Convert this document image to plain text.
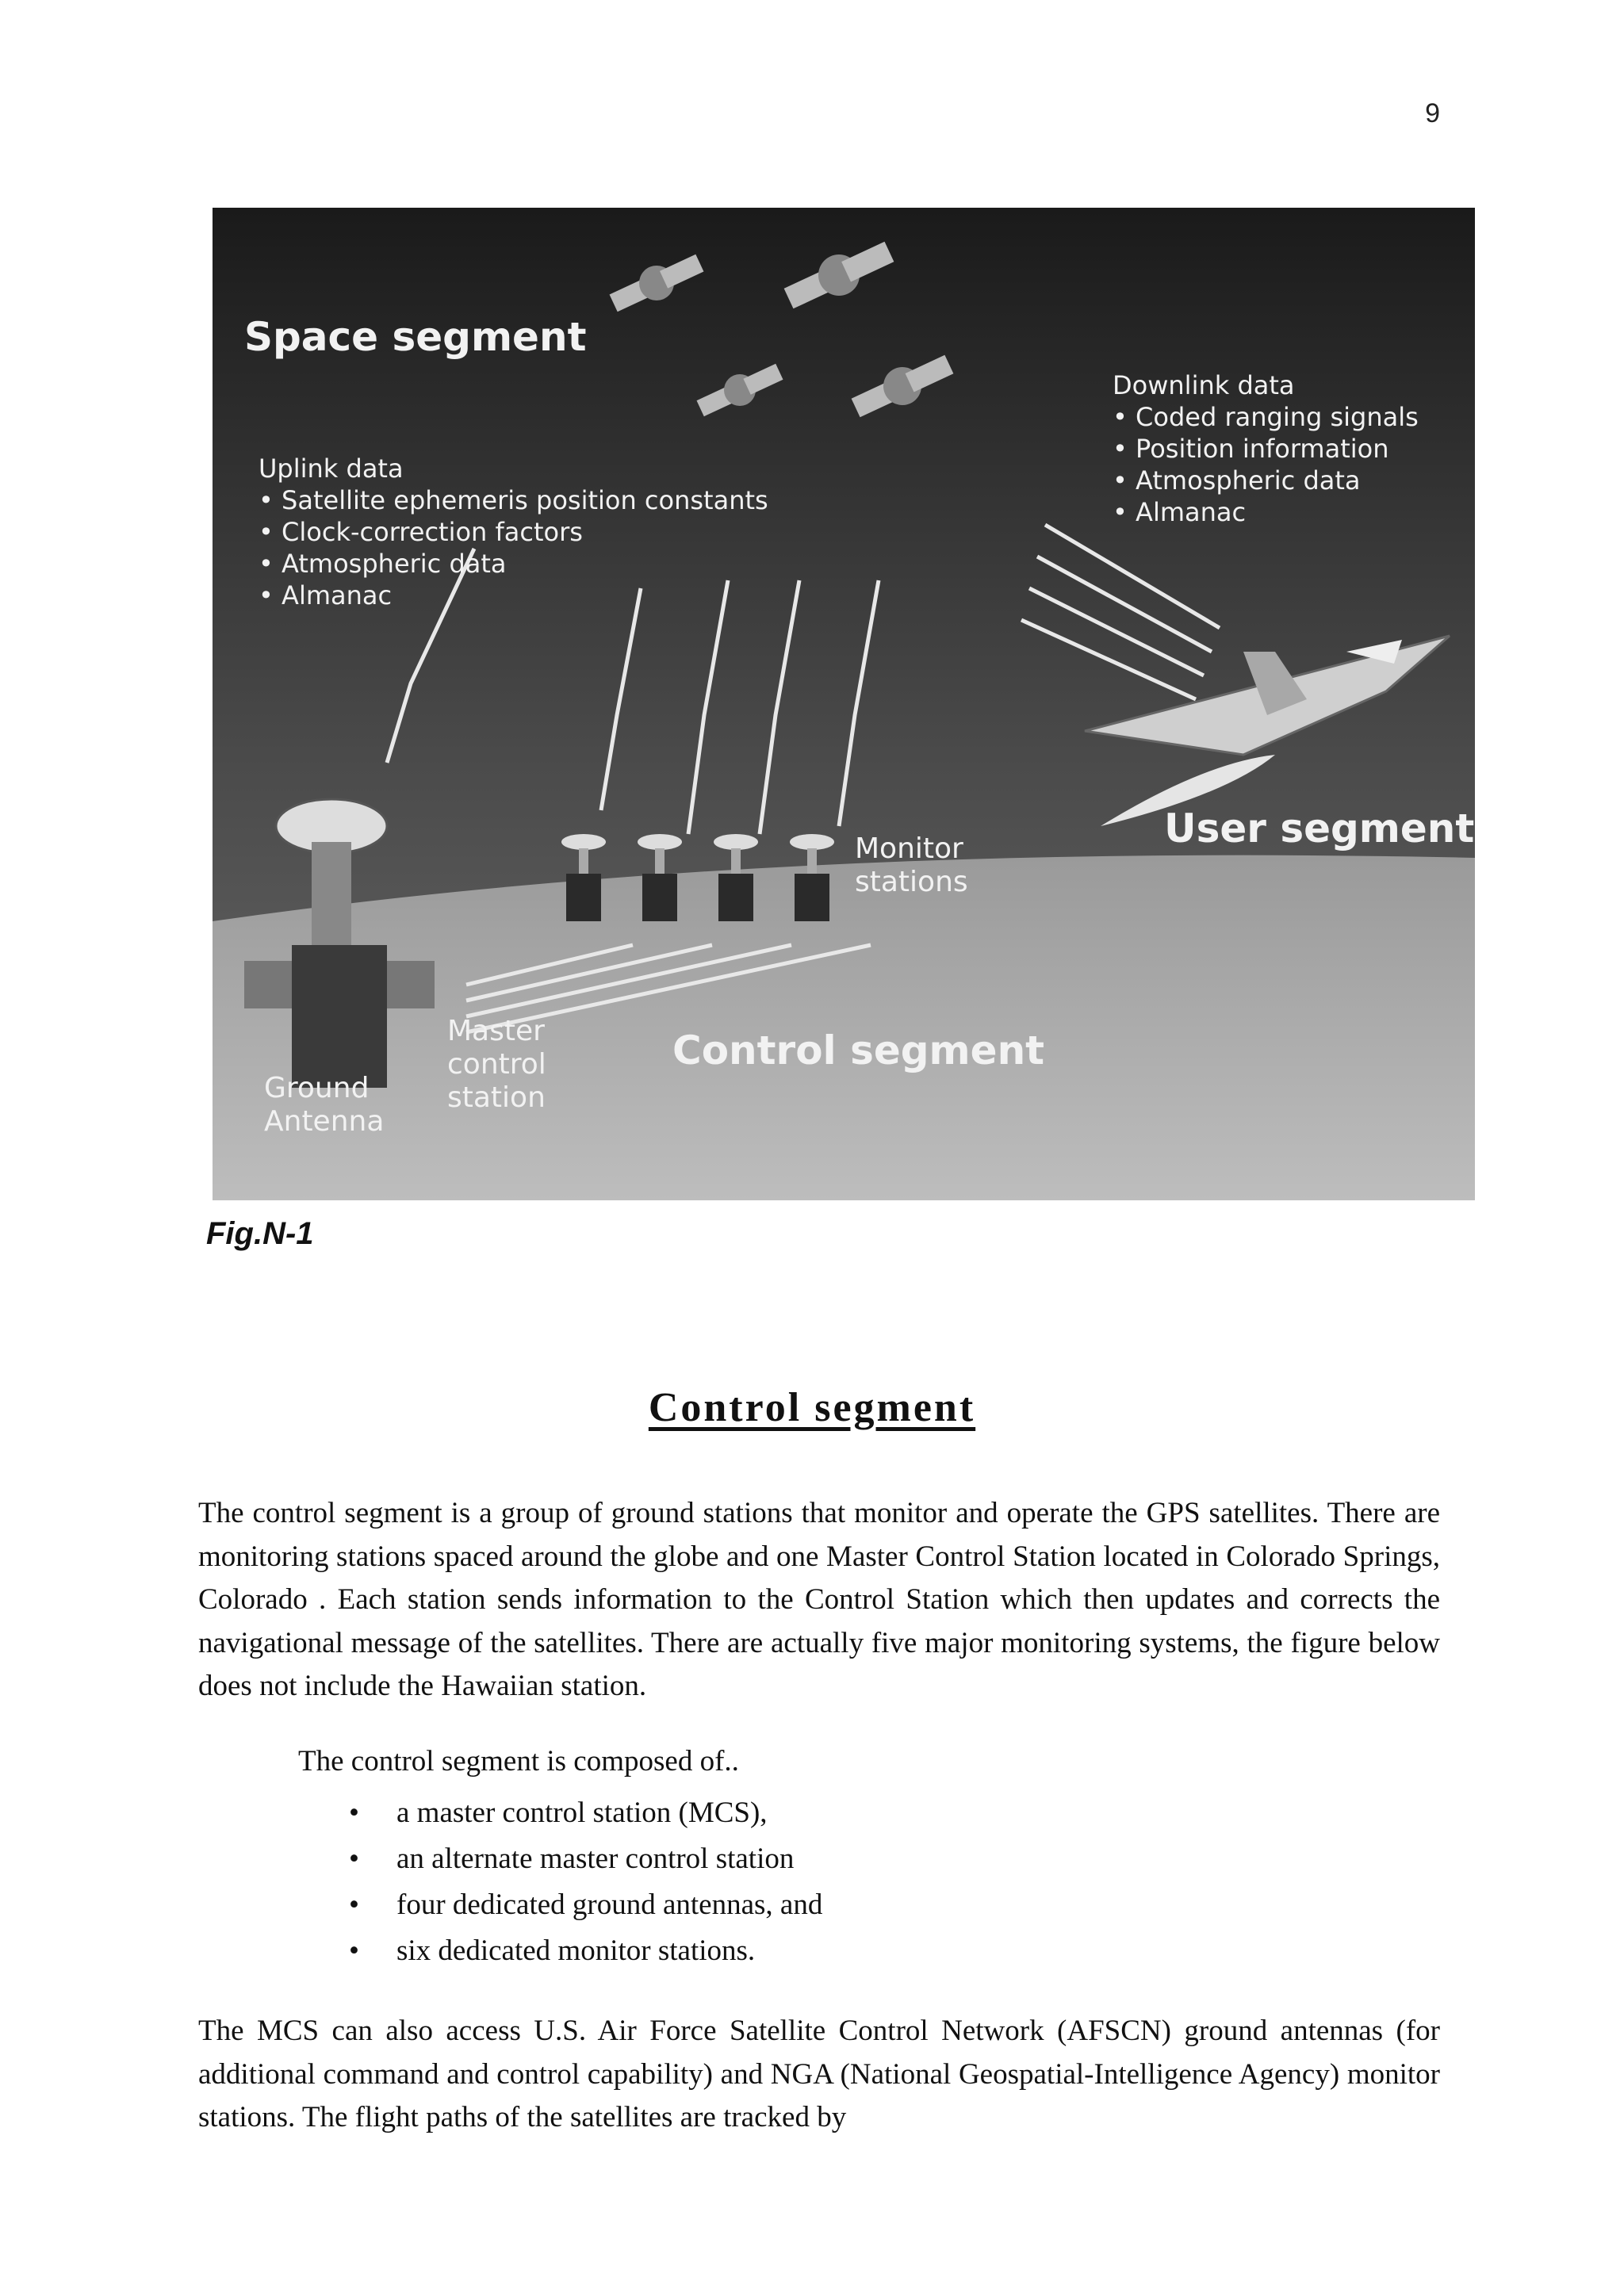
9
Space segment
Uplink data
• Satellite ephemeris position constants
• Clock-correction factors
• Atmospheric data
• Almanac
Downlink data
• Coded ranging signals
• Position information
• Atmospheric data
• Almanac
Monitor
stations
User segment
Master
control
station
Ground
Antenna
Control segment
Fig.N-1
Control segment

The control segment is a group of ground stations that monitor and operate the GPS satellites. There are monitoring stations spaced around the globe and one Master Control Station located in Colorado Springs, Colorado . Each station sends information to the Control Station which then updates and corrects the navigational message of the satellites. There are actually five major monitoring systems, the figure below does not include the Hawaiian station.

The control segment is composed of..
• a master control station (MCS),
• an alternate master control station
• four dedicated ground antennas, and
• six dedicated monitor stations.

The MCS can also access U.S. Air Force Satellite Control Network (AFSCN) ground antennas (for additional command and control capability) and NGA (National Geospatial-Intelligence Agency) monitor stations. The flight paths of the satellites are tracked by
